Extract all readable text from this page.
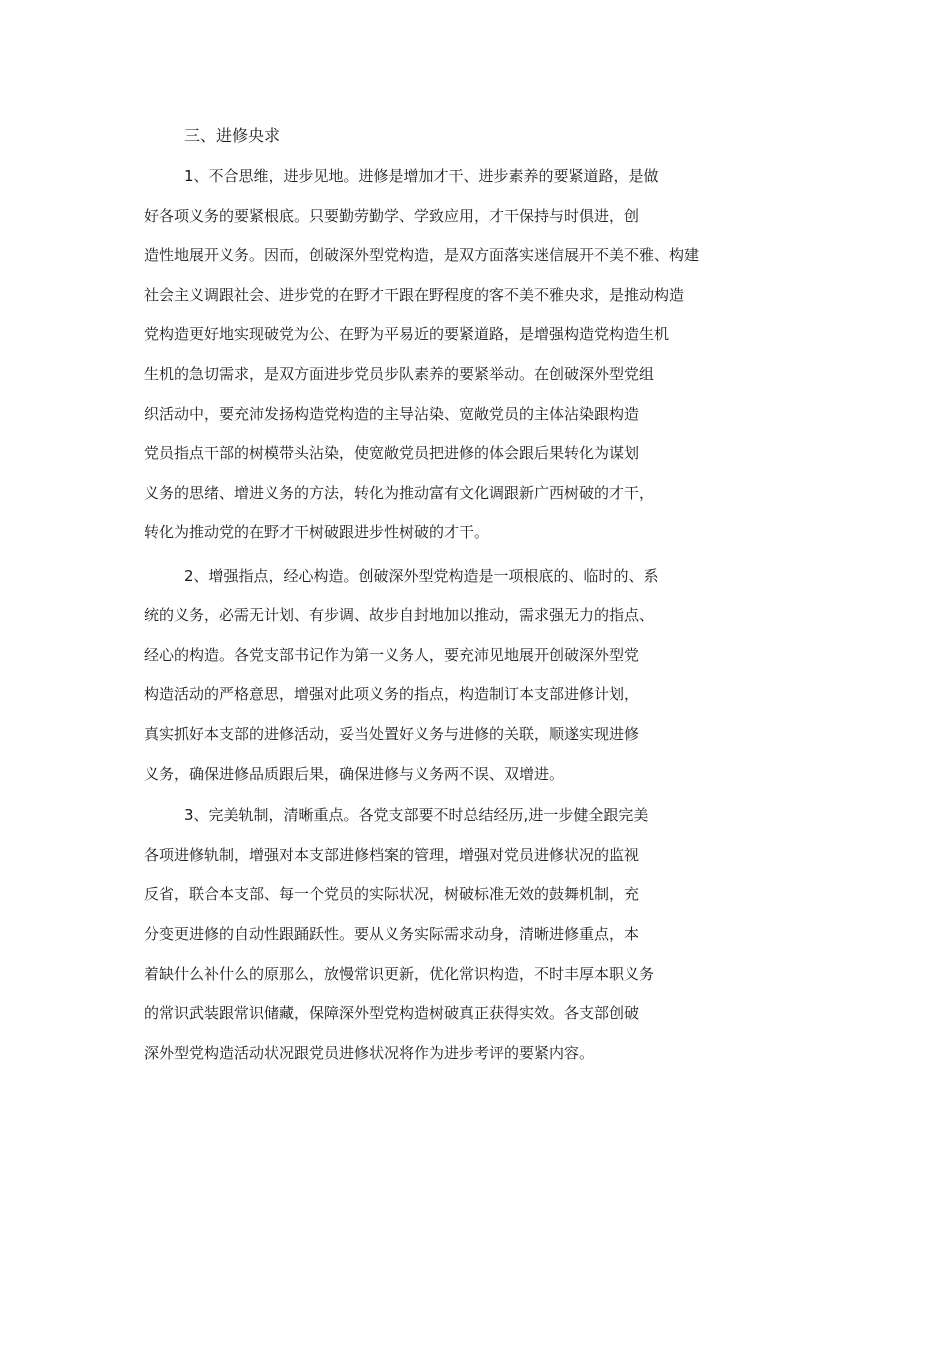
三、进修央求
1、不合思维，进步见地。进修是增加才干、进步素养的要紧道路，是做
好各项义务的要紧根底。只要勤劳勤学、学致应用，才干保持与时俱进，创
造性地展开义务。因而，创破深外型党构造，是双方面落实迷信展开不美不雅、构建
社会主义调跟社会、进步党的在野才干跟在野程度的客不美不雅央求，是推动构造
党构造更好地实现破党为公、在野为平易近的要紧道路，是增强构造党构造生机
生机的急切需求，是双方面进步党员步队素养的要紧举动。在创破深外型党组
织活动中，要充沛发扬构造党构造的主导沾染、宽敞党员的主体沾染跟构造
党员指点干部的树模带头沾染，使宽敞党员把进修的体会跟后果转化为谋划
义务的思绪、增进义务的方法，转化为推动富有文化调跟新广西树破的才干，
转化为推动党的在野才干树破跟进步性树破的才干。
2、增强指点，经心构造。创破深外型党构造是一项根底的、临时的、系
统的义务，必需无计划、有步调、故步自封地加以推动，需求强无力的指点、
经心的构造。各党支部书记作为第一义务人，要充沛见地展开创破深外型党
构造活动的严格意思，增强对此项义务的指点，构造制订本支部进修计划，
真实抓好本支部的进修活动，妥当处置好义务与进修的关联，顺遂实现进修
义务，确保进修品质跟后果，确保进修与义务两不误、双增进。
3、完美轨制，清晰重点。各党支部要不时总结经历,进一步健全跟完美
各项进修轨制，增强对本支部进修档案的管理，增强对党员进修状况的监视
反省，联合本支部、每一个党员的实际状况，树破标准无效的鼓舞机制，充
分变更进修的自动性跟踊跃性。要从义务实际需求动身，清晰进修重点，本
着缺什么补什么的原那么，放慢常识更新，优化常识构造，不时丰厚本职义务
的常识武装跟常识储藏，保障深外型党构造树破真正获得实效。各支部创破
深外型党构造活动状况跟党员进修状况将作为进步考评的要紧内容。
